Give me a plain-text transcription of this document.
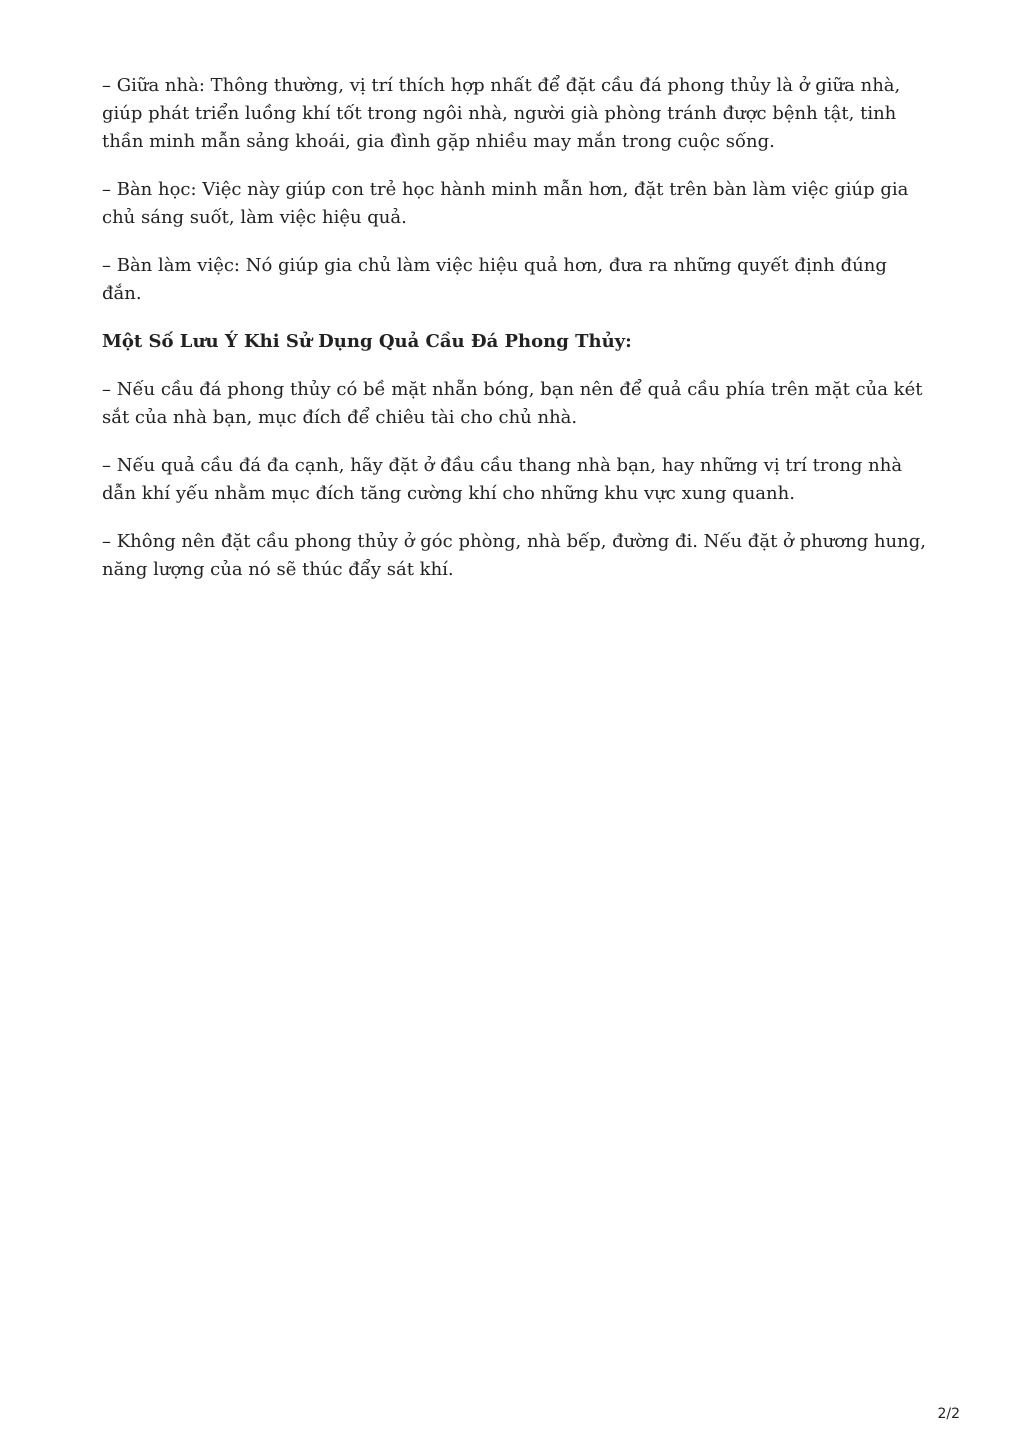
– Giữa nhà: Thông thường, vị trí thích hợp nhất để đặt cầu đá phong thủy là ở giữa nhà, giúp phát triển luồng khí tốt trong ngôi nhà, người già phòng tránh được bệnh tật, tinh thần minh mẫn sảng khoái, gia đình gặp nhiều may mắn trong cuộc sống.

– Bàn học: Việc này giúp con trẻ học hành minh mẫn hơn, đặt trên bàn làm việc giúp gia chủ sáng suốt, làm việc hiệu quả.

– Bàn làm việc: Nó giúp gia chủ làm việc hiệu quả hơn, đưa ra những quyết định đúng đắn.

Một Số Lưu Ý Khi Sử Dụng Quả Cầu Đá Phong Thủy:

– Nếu cầu đá phong thủy có bề mặt nhẵn bóng, bạn nên để quả cầu phía trên mặt của két sắt của nhà bạn, mục đích để chiêu tài cho chủ nhà.

– Nếu quả cầu đá đa cạnh, hãy đặt ở đầu cầu thang nhà bạn, hay những vị trí trong nhà dẫn khí yếu nhằm mục đích tăng cường khí cho những khu vực xung quanh.

– Không nên đặt cầu phong thủy ở góc phòng, nhà bếp, đường đi. Nếu đặt ở phương hung, năng lượng của nó sẽ thúc đẩy sát khí.

2/2
